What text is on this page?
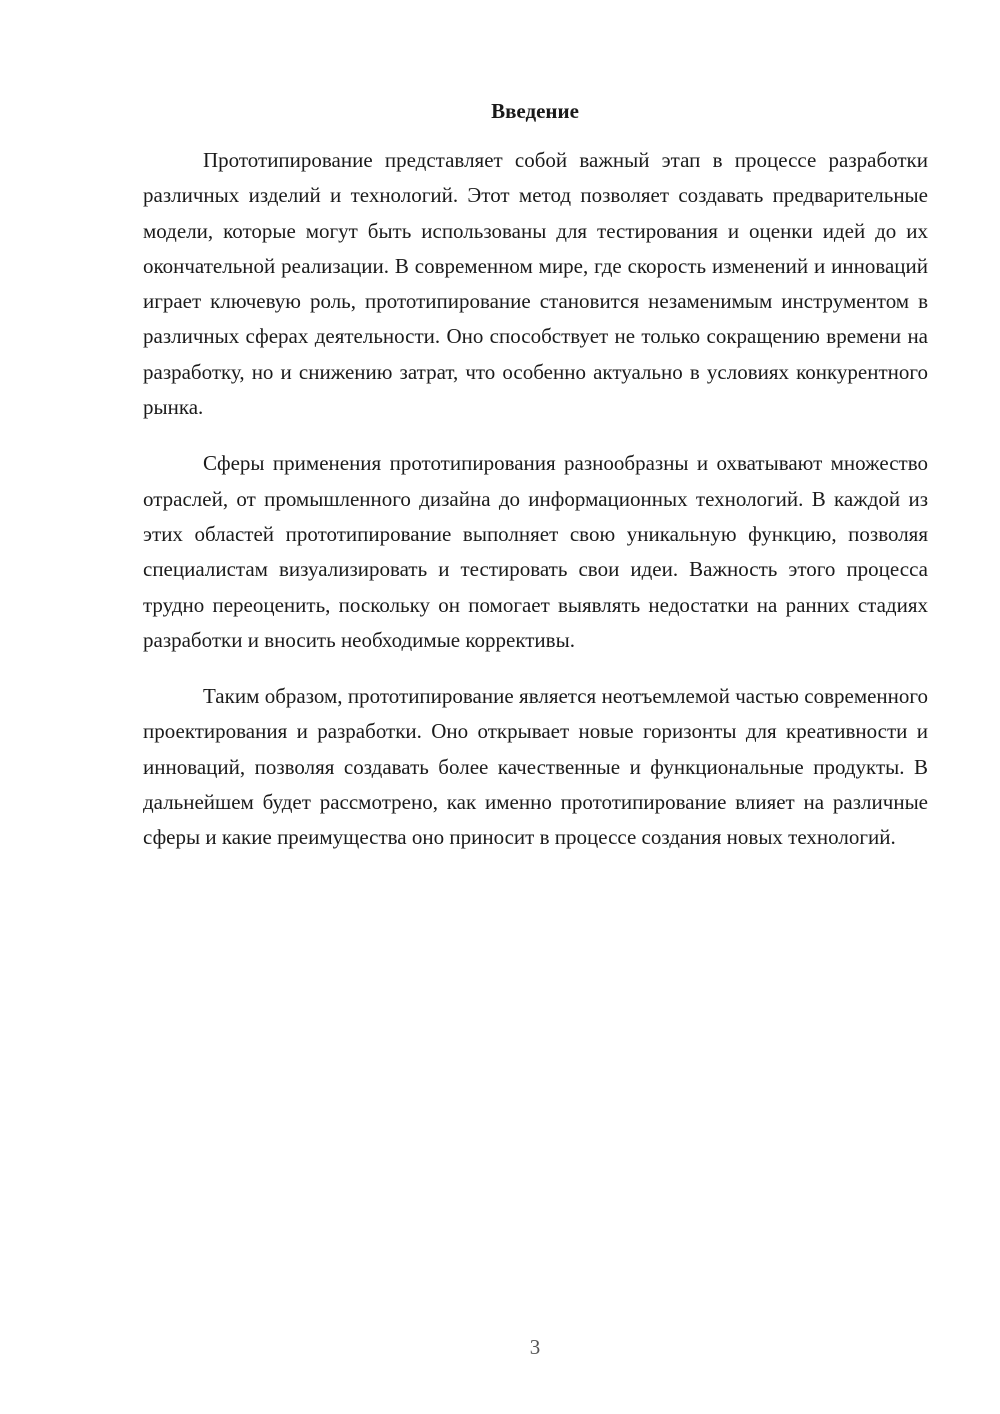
Введение

Прототипирование представляет собой важный этап в процессе разработки различных изделий и технологий. Этот метод позволяет создавать предварительные модели, которые могут быть использованы для тестирования и оценки идей до их окончательной реализации. В современном мире, где скорость изменений и инноваций играет ключевую роль, прототипирование становится незаменимым инструментом в различных сферах деятельности. Оно способствует не только сокращению времени на разработку, но и снижению затрат, что особенно актуально в условиях конкурентного рынка.

Сферы применения прототипирования разнообразны и охватывают множество отраслей, от промышленного дизайна до информационных технологий. В каждой из этих областей прототипирование выполняет свою уникальную функцию, позволяя специалистам визуализировать и тестировать свои идеи. Важность этого процесса трудно переоценить, поскольку он помогает выявлять недостатки на ранних стадиях разработки и вносить необходимые коррективы.

Таким образом, прототипирование является неотъемлемой частью современного проектирования и разработки. Оно открывает новые горизонты для креативности и инноваций, позволяя создавать более качественные и функциональные продукты. В дальнейшем будет рассмотрено, как именно прототипирование влияет на различные сферы и какие преимущества оно приносит в процессе создания новых технологий.

3
